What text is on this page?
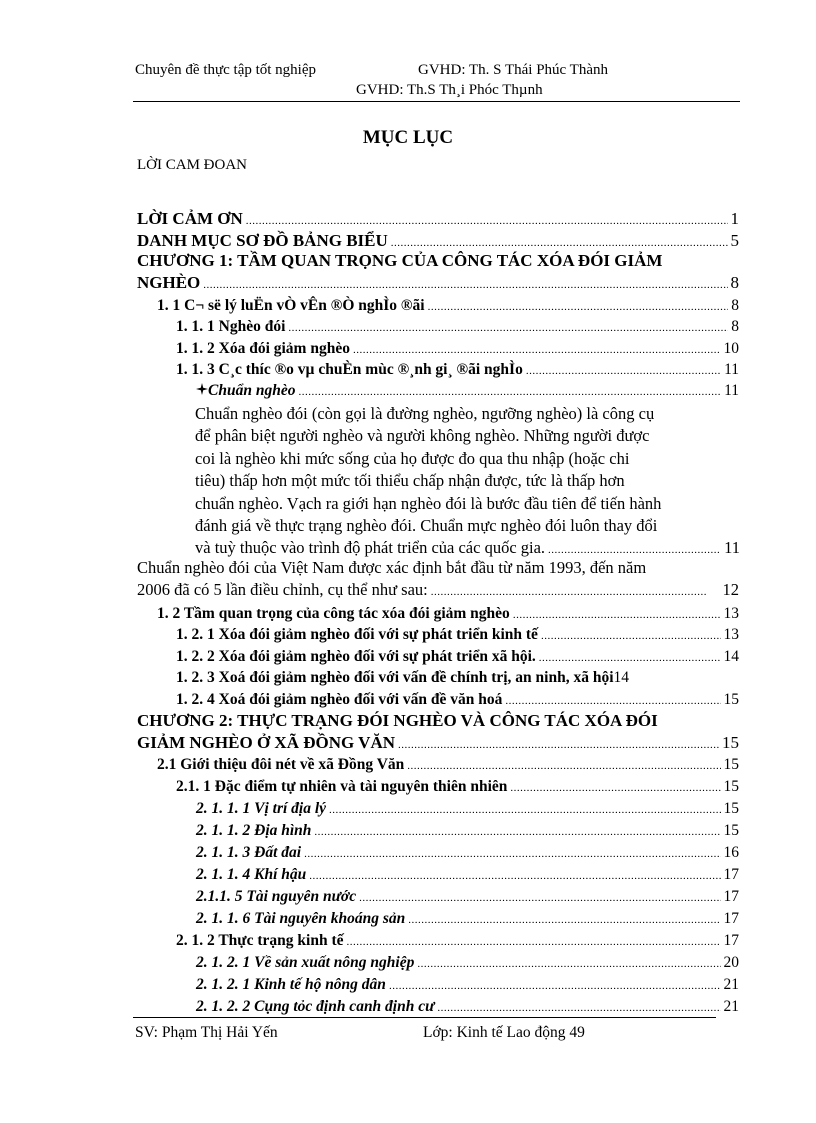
Chuyên đề thực tập tốt nghiệp	GVHD: Th. S Thái Phúc Thành
GVHD: Th.S Th¸i Phóc Thµnh
MỤC LỤC
LỜI CAM ĐOAN
LỜI CẢM ƠN .....	1
DANH MỤC SƠ ĐỒ BẢNG BIỂU .....	5
CHƯƠNG 1: TẦM QUAN TRỌNG CỦA CÔNG TÁC XÓA ĐÓI GIẢM
NGHÈO .....	8
1. 1 C¬ së lý luËn vÒ vÊn ®Ò nghÌo ®ãi .....	8
1. 1. 1 Nghèo đói .....	8
1. 1. 2 Xóa đói giảm nghèo .....	10
1. 1. 3 C¸c thíc ®o vµ chuÈn mùc ®¸nh gi¸ ®ãi nghÌo .....	11
Chuẩn nghèo .....	11
Chuẩn nghèo đói (còn gọi là đường nghèo, ngưỡng nghèo) là công cụ
để phân biệt người nghèo và người không nghèo. Những người được
coi là nghèo khi mức sống của họ được đo qua thu nhập (hoặc chi
tiêu) thấp hơn một mức tối thiểu chấp nhận được, tức là thấp hơn
chuẩn nghèo. Vạch ra giới hạn nghèo đói là bước đầu tiên để tiến hành
đánh giá về thực trạng nghèo đói. Chuẩn mực nghèo đói luôn thay đổi
và tuỳ thuộc vào trình độ phát triển của các quốc gia. .....	11
Chuẩn nghèo đói của Việt Nam được xác định bắt đầu từ năm 1993, đến năm
2006 đã có 5 lần điều chỉnh, cụ thể như sau: .....	12
1. 2 Tầm quan trọng của công tác xóa đói giảm nghèo .....	13
1. 2. 1 Xóa đói giảm nghèo đối với sự phát triển kinh tế .....	13
1. 2. 2 Xóa đói giảm nghèo đối với sự phát triển xã hội. .....	14
1. 2. 3 Xoá đói giảm nghèo đối với vấn đề chính trị, an ninh, xã hội 14
1. 2. 4 Xoá đói giảm nghèo đối với vấn đề văn hoá .....	15
CHƯƠNG 2: THỰC TRẠNG ĐÓI NGHÈO VÀ CÔNG TÁC XÓA ĐÓI
GIẢM NGHÈO Ở XÃ ĐỒNG VĂN .....	15
2.1 Giới thiệu đôi nét về xã Đồng Văn .....	15
2.1. 1 Đặc điểm tự nhiên và tài nguyên thiên nhiên .....	15
2. 1. 1. 1 Vị trí địa lý .....	15
2. 1. 1. 2 Địa hình .....	15
2. 1. 1. 3 Đất đai .....	16
2. 1. 1. 4 Khí hậu .....	17
2.1.1. 5 Tài nguyên nước .....	17
2. 1. 1. 6 Tài nguyên khoáng sản .....	17
2. 1. 2 Thực trạng kinh tế .....	17
2. 1. 2. 1 Về sản xuất nông nghiệp .....	20
2. 1. 2. 1 Kinh tế hộ nông dân .....	21
2. 1. 2. 2 Cụng tỏc định canh định cư .....	21
SV: Phạm Thị Hải Yến	Lớp: Kinh tế Lao động 49
